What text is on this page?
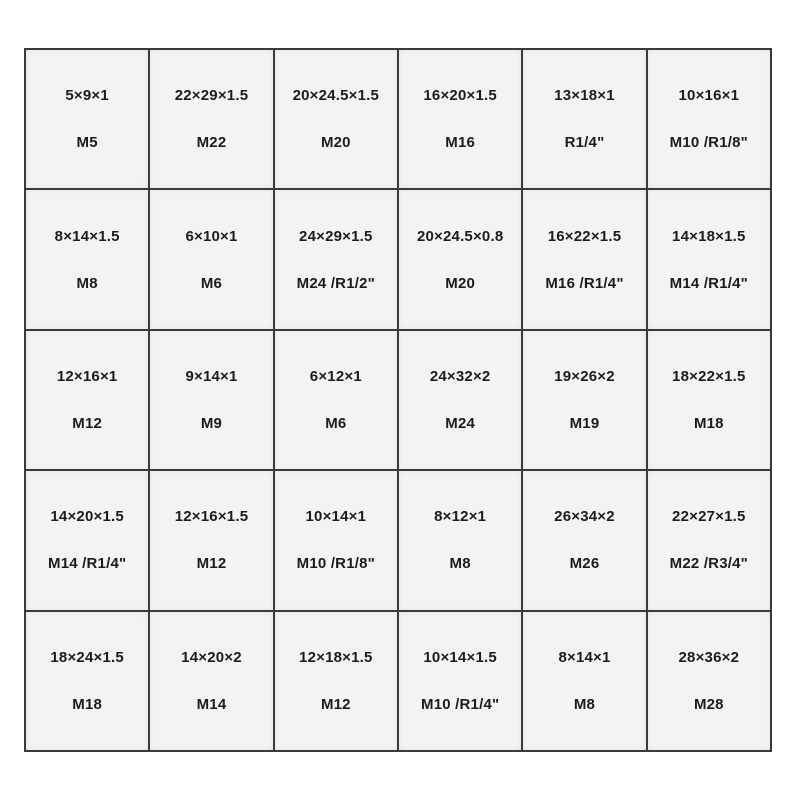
5×9×1
M5
22×29×1.5
M22
20×24.5×1.5
M20
16×20×1.5
M16
13×18×1
R1/4"
10×16×1
M10 /R1/8"
8×14×1.5
M8
6×10×1
M6
24×29×1.5
M24 /R1/2"
20×24.5×0.8
M20
16×22×1.5
M16 /R1/4"
14×18×1.5
M14 /R1/4"
12×16×1
M12
9×14×1
M9
6×12×1
M6
24×32×2
M24
19×26×2
M19
18×22×1.5
M18
14×20×1.5
M14 /R1/4"
12×16×1.5
M12
10×14×1
M10 /R1/8"
8×12×1
M8
26×34×2
M26
22×27×1.5
M22 /R3/4"
18×24×1.5
M18
14×20×2
M14
12×18×1.5
M12
10×14×1.5
M10 /R1/4"
8×14×1
M8
28×36×2
M28
